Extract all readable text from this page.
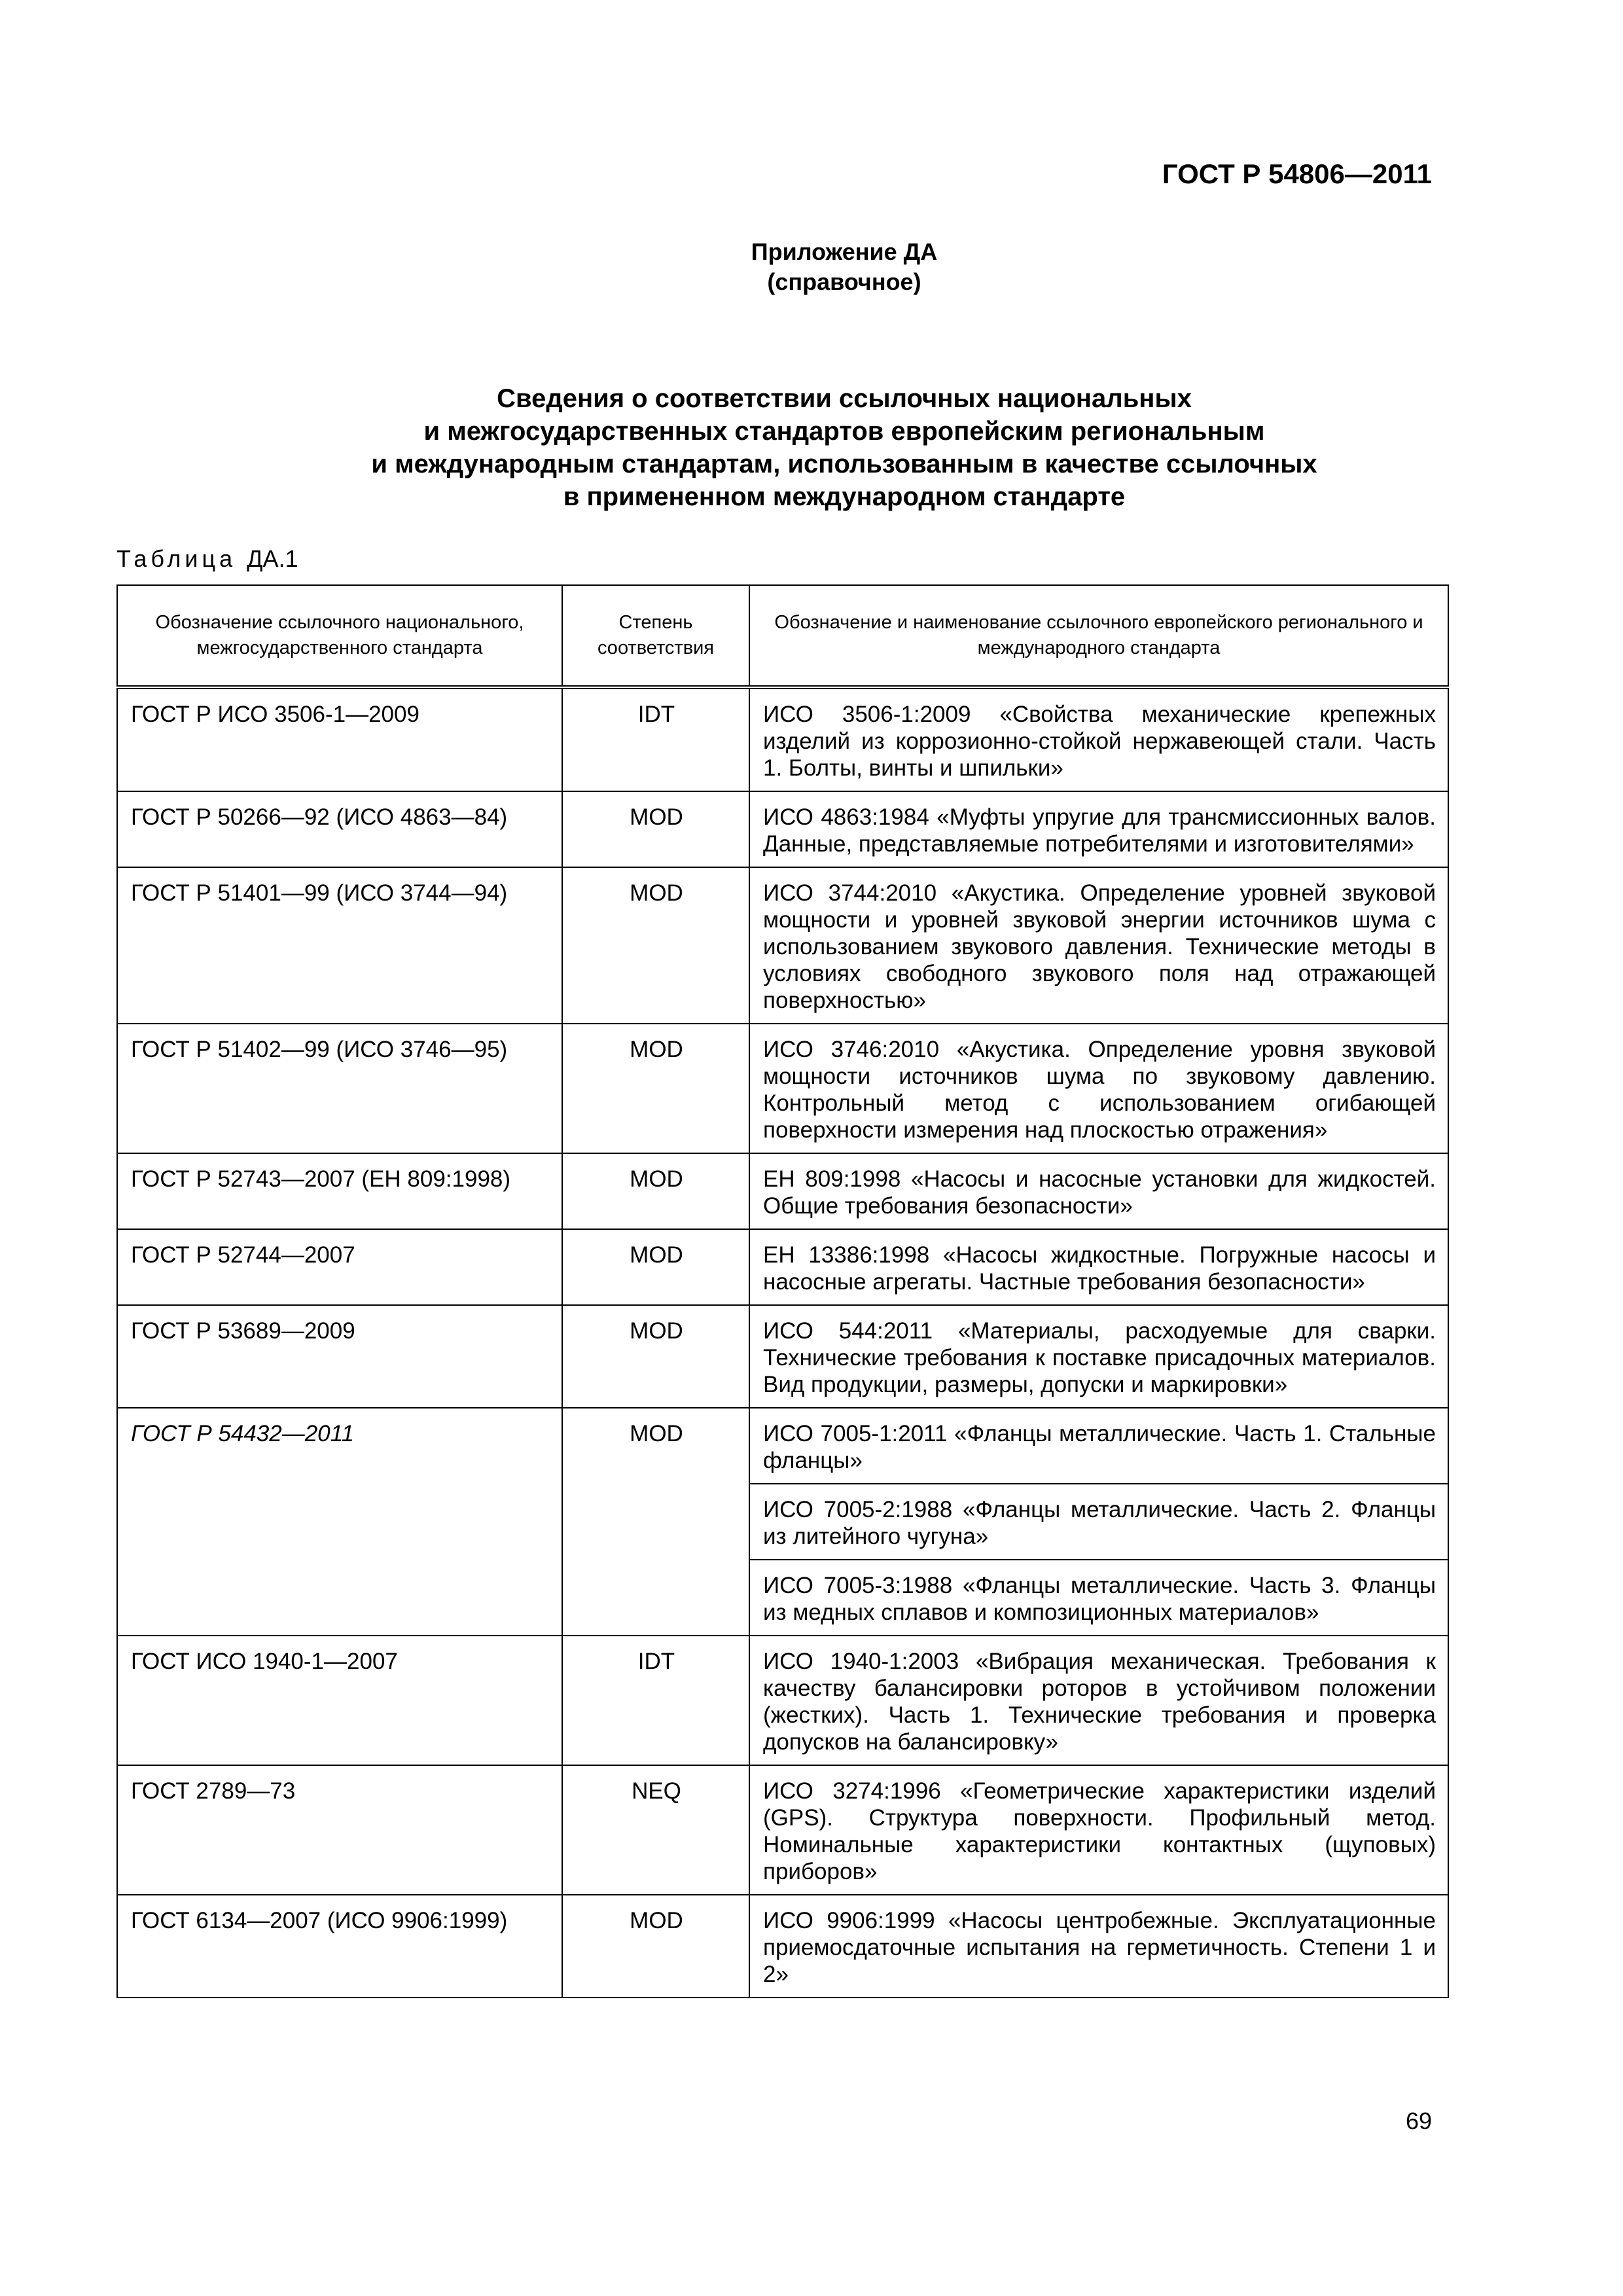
ГОСТ Р 54806—2011
Приложение ДА
(справочное)
Сведения о соответствии ссылочных национальных
и межгосударственных стандартов европейским региональным
и международным стандартам, использованным в качестве ссылочных
в примененном международном стандарте
Таблица ДА.1
Обозначение ссылочного национального, межгосударственного стандарта	Степень соответствия	Обозначение и наименование ссылочного европейского регионального и международного стандарта
ГОСТ Р ИСО 3506-1—2009	IDT	ИСО 3506-1:2009 «Свойства механические крепежных изделий из коррозионно-стойкой нержавеющей стали. Часть 1. Болты, винты и шпильки»
ГОСТ Р 50266—92 (ИСО 4863—84)	MOD	ИСО 4863:1984 «Муфты упругие для трансмиссионных валов. Данные, представляемые потребителями и изготовителями»
ГОСТ Р 51401—99 (ИСО 3744—94)	MOD	ИСО 3744:2010 «Акустика. Определение уровней звуковой мощности и уровней звуковой энергии источников шума с использованием звукового давления. Технические методы в условиях свободного звукового поля над отражающей поверхностью»
ГОСТ Р 51402—99 (ИСО 3746—95)	MOD	ИСО 3746:2010 «Акустика. Определение уровня звуковой мощности источников шума по звуковому давлению. Контрольный метод с использованием огибающей поверхности измерения над плоскостью отражения»
ГОСТ Р 52743—2007 (ЕН 809:1998)	MOD	ЕН 809:1998 «Насосы и насосные установки для жидкостей. Общие требования безопасности»
ГОСТ Р 52744—2007	MOD	ЕН 13386:1998 «Насосы жидкостные. Погружные насосы и насосные агрегаты. Частные требования безопасности»
ГОСТ Р 53689—2009	MOD	ИСО 544:2011 «Материалы, расходуемые для сварки. Технические требования к поставке присадочных материалов. Вид продукции, размеры, допуски и маркировки»
ГОСТ Р 54432—2011	MOD	ИСО 7005-1:2011 «Фланцы металлические. Часть 1. Стальные фланцы»
		ИСО 7005-2:1988 «Фланцы металлические. Часть 2. Фланцы из литейного чугуна»
		ИСО 7005-3:1988 «Фланцы металлические. Часть 3. Фланцы из медных сплавов и композиционных материалов»
ГОСТ ИСО 1940-1—2007	IDT	ИСО 1940-1:2003 «Вибрация механическая. Требования к качеству балансировки роторов в устойчивом положении (жестких). Часть 1. Технические требования и проверка допусков на балансировку»
ГОСТ 2789—73	NEQ	ИСО 3274:1996 «Геометрические характеристики изделий (GPS). Структура поверхности. Профильный метод. Номинальные характеристики контактных (щуповых) приборов»
ГОСТ 6134—2007 (ИСО 9906:1999)	MOD	ИСО 9906:1999 «Насосы центробежные. Эксплуатационные приемосдаточные испытания на герметичность. Степени 1 и 2»
69
